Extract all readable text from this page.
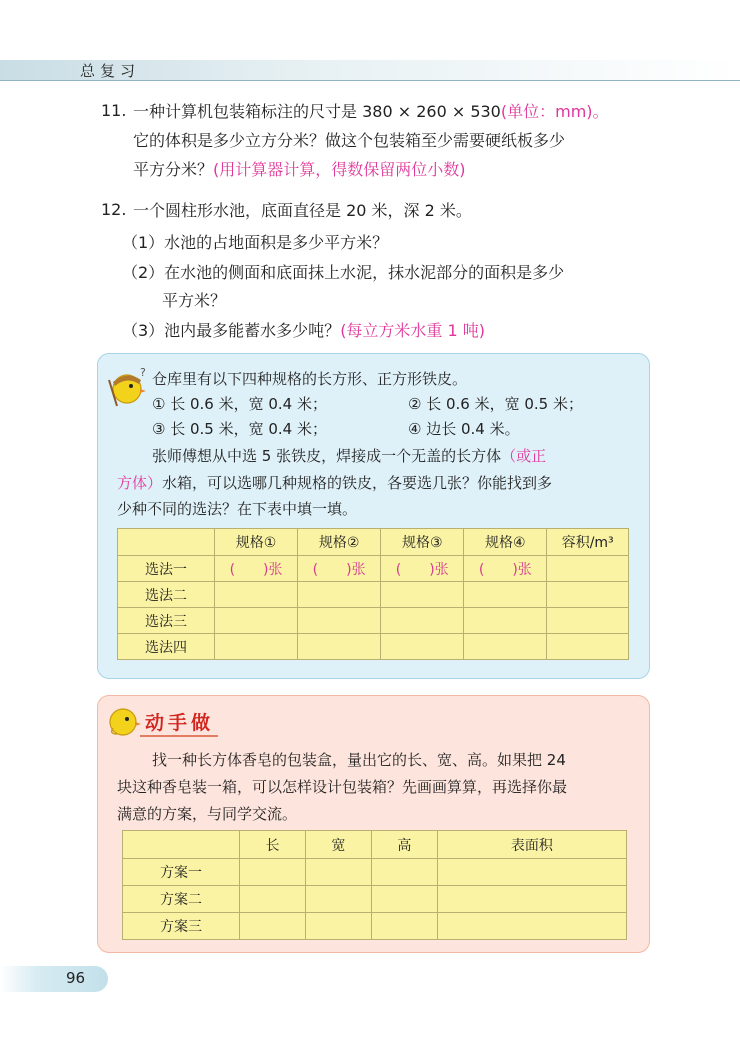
总复习
11. 一种计算机包装箱标注的尺寸是 380 × 260 × 530(单位：mm)。
它的体积是多少立方分米？做这个包装箱至少需要硬纸板多少
平方分米？(用计算器计算，得数保留两位小数)
12. 一个圆柱形水池，底面直径是 20 米，深 2 米。
（1）水池的占地面积是多少平方米？
（2）在水池的侧面和底面抹上水泥，抹水泥部分的面积是多少
平方米？
（3）池内最多能蓄水多少吨？(每立方米水重 1 吨)
? 仓库里有以下四种规格的长方形、正方形铁皮。
① 长 0.6 米，宽 0.4 米；	② 长 0.6 米，宽 0.5 米；
③ 长 0.5 米，宽 0.4 米；	④ 边长 0.4 米。
张师傅想从中选 5 张铁皮，焊接成一个无盖的长方体（或正
方体）水箱，可以选哪几种规格的铁皮，各要选几张？你能找到多
少种不同的选法？在下表中填一填。
	规格①	规格②	规格③	规格④	容积/m³
选法一	(　　)张	(　　)张	(　　)张	(　　)张	
选法二					
选法三					
选法四					
动手做
找一种长方体香皂的包装盒，量出它的长、宽、高。如果把 24
块这种香皂装一箱，可以怎样设计包装箱？先画画算算，再选择你最
满意的方案，与同学交流。
	长	宽	高	表面积
方案一				
方案二				
方案三				
96
